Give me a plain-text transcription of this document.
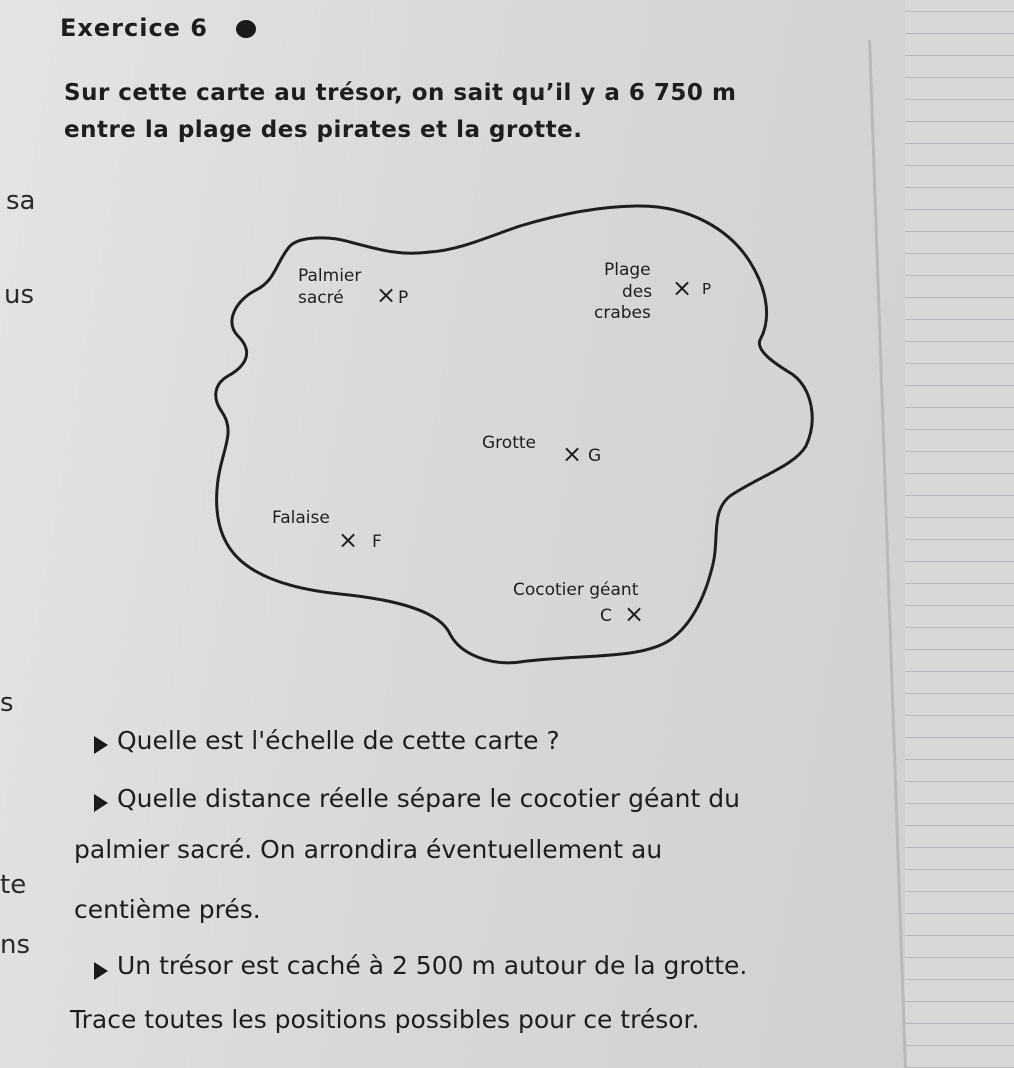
Exercice 6
Sur cette carte au trésor, on sait qu’il y a 6 750 m
entre la plage des pirates et la grotte.
sa
us
s
te
ns
Palmier
sacré × P
Plage
des
crabes
× P
Grotte × G
Falaise
× F
Cocotier géant
C ×
Quelle est l'échelle de cette carte ?
Quelle distance réelle sépare le cocotier géant du
palmier sacré. On arrondira éventuellement au
centième prés.
Un trésor est caché à 2 500 m autour de la grotte.
Trace toutes les positions possibles pour ce trésor.
